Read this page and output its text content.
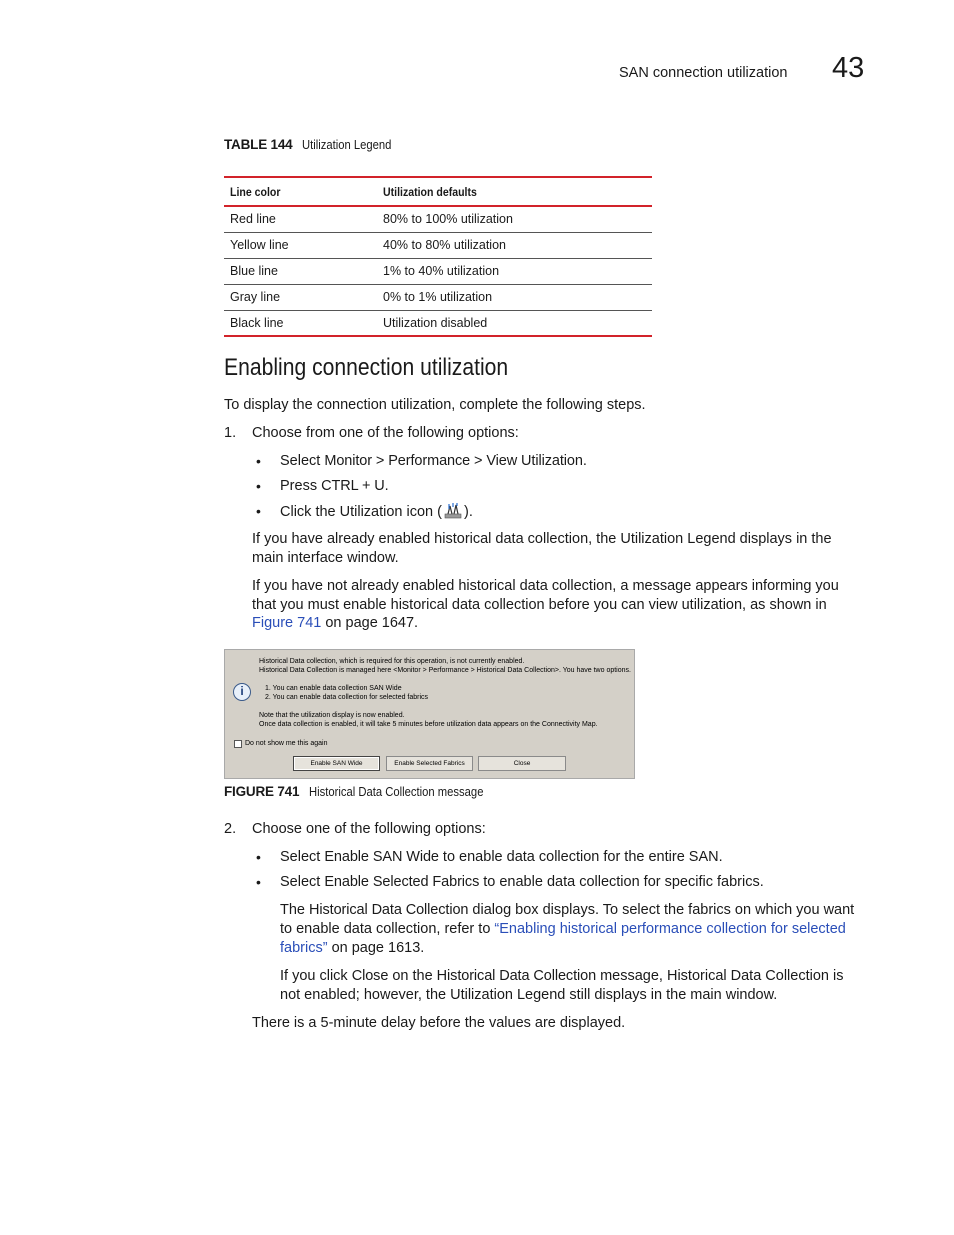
SAN connection utilization 43
TABLE 144 Utilization Legend
Line color	Utilization defaults
Red line	80% to 100% utilization
Yellow line	40% to 80% utilization
Blue line	1% to 40% utilization
Gray line	0% to 1% utilization
Black line	Utilization disabled
Enabling connection utilization
To display the connection utilization, complete the following steps.
1. Choose from one of the following options:
• Select Monitor > Performance > View Utilization.
• Press CTRL + U.
• Click the Utilization icon ( ).
If you have already enabled historical data collection, the Utilization Legend displays in the
main interface window.
If you have not already enabled historical data collection, a message appears informing you
that you must enable historical data collection before you can view utilization, as shown in
Figure 741 on page 1647.
Historical Data collection, which is required for this operation, is not currently enabled.
Historical Data Collection is managed here <Monitor > Performance > Historical Data Collection>. You have two options.
i	1. You can enable data collection SAN Wide
2. You can enable data collection for selected fabrics
Note that the utilization display is now enabled.
Once data collection is enabled, it will take 5 minutes before utilization data appears on the Connectivity Map.
Do not show me this again
Enable SAN Wide	Enable Selected Fabrics	Close
FIGURE 741 Historical Data Collection message
2. Choose one of the following options:
• Select Enable SAN Wide to enable data collection for the entire SAN.
• Select Enable Selected Fabrics to enable data collection for specific fabrics.
The Historical Data Collection dialog box displays. To select the fabrics on which you want
to enable data collection, refer to “Enabling historical performance collection for selected
fabrics” on page 1613.
If you click Close on the Historical Data Collection message, Historical Data Collection is
not enabled; however, the Utilization Legend still displays in the main window.
There is a 5-minute delay before the values are displayed.
